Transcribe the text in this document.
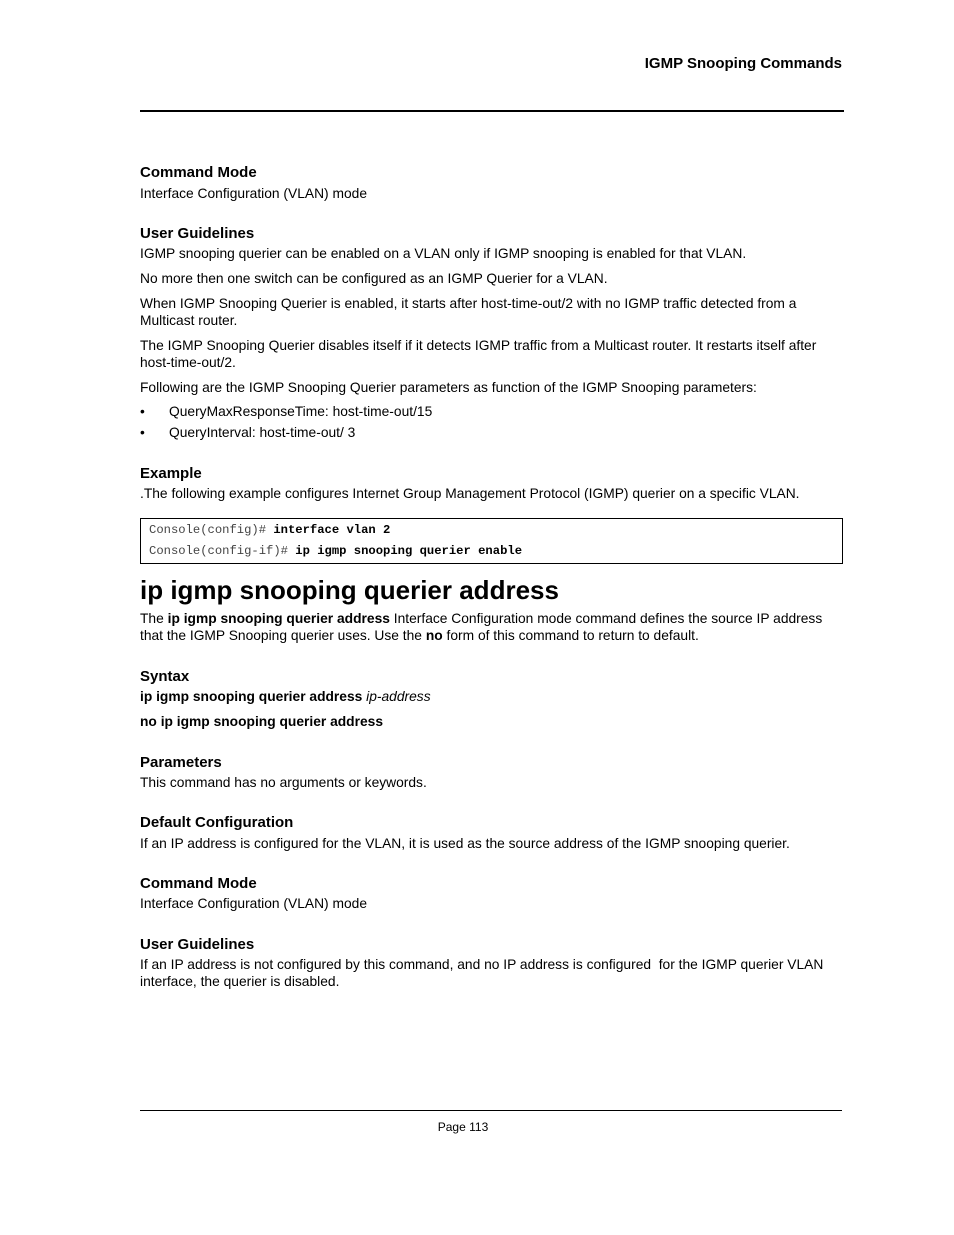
IGMP Snooping Commands
Command Mode
Interface Configuration (VLAN) mode
User Guidelines
IGMP snooping querier can be enabled on a VLAN only if IGMP snooping is enabled for that VLAN.
No more then one switch can be configured as an IGMP Querier for a VLAN.
When IGMP Snooping Querier is enabled, it starts after host-time-out/2 with no IGMP traffic detected from a Multicast router.
The IGMP Snooping Querier disables itself if it detects IGMP traffic from a Multicast router. It restarts itself after host-time-out/2.
Following are the IGMP Snooping Querier parameters as function of the IGMP Snooping parameters:
• QueryMaxResponseTime: host-time-out/15
• QueryInterval: host-time-out/ 3
Example
.The following example configures Internet Group Management Protocol (IGMP) querier on a specific VLAN.
Console(config)# interface vlan 2
Console(config-if)# ip igmp snooping querier enable
ip igmp snooping querier address
The ip igmp snooping querier address Interface Configuration mode command defines the source IP address that the IGMP Snooping querier uses. Use the no form of this command to return to default.
Syntax
ip igmp snooping querier address ip-address
no ip igmp snooping querier address
Parameters
This command has no arguments or keywords.
Default Configuration
If an IP address is configured for the VLAN, it is used as the source address of the IGMP snooping querier.
Command Mode
Interface Configuration (VLAN) mode
User Guidelines
If an IP address is not configured by this command, and no IP address is configured  for the IGMP querier VLAN interface, the querier is disabled.
Page 113
